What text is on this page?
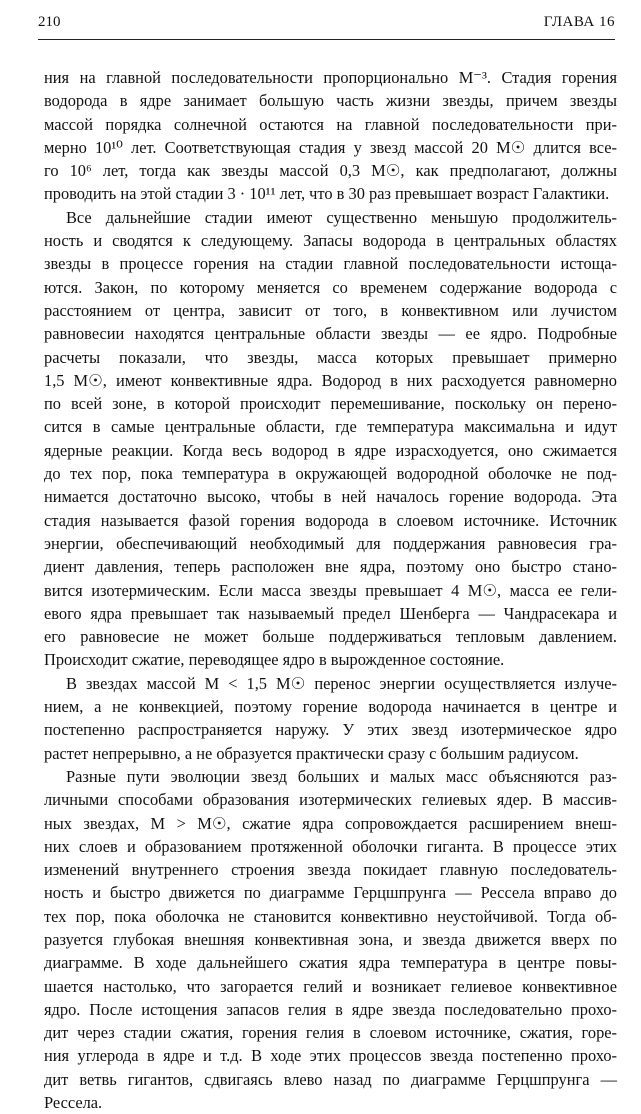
210	ГЛАВА 16
ния на главной последовательности пропорционально M⁻³. Стадия горения
водорода в ядре занимает большую часть жизни звезды, причем звезды
массой порядка солнечной остаются на главной последовательности при-
мерно 10¹⁰ лет. Соответствующая стадия у звезд массой 20 M☉ длится все-
го 10⁶ лет, тогда как звезды массой 0,3 M☉, как предполагают, должны
проводить на этой стадии 3 · 10¹¹ лет, что в 30 раз превышает возраст Галактики.
Все дальнейшие стадии имеют существенно меньшую продолжитель-
ность и сводятся к следующему. Запасы водорода в центральных областях
звезды в процессе горения на стадии главной последовательности истоща-
ются. Закон, по которому меняется со временем содержание водорода с
расстоянием от центра, зависит от того, в конвективном или лучистом
равновесии находятся центральные области звезды — ее ядро. Подробные
расчеты показали, что звезды, масса которых превышает примерно
1,5 M☉, имеют конвективные ядра. Водород в них расходуется равномерно
по всей зоне, в которой происходит перемешивание, поскольку он перено-
сится в самые центральные области, где температура максимальна и идут
ядерные реакции. Когда весь водород в ядре израсходуется, оно сжимается
до тех пор, пока температура в окружающей водородной оболочке не под-
нимается достаточно высоко, чтобы в ней началось горение водорода. Эта
стадия называется фазой горения водорода в слоевом источнике. Источник
энергии, обеспечивающий необходимый для поддержания равновесия гра-
диент давления, теперь расположен вне ядра, поэтому оно быстро стано-
вится изотермическим. Если масса звезды превышает 4 M☉, масса ее гели-
евого ядра превышает так называемый предел Шенберга — Чандрасекара и
его равновесие не может больше поддерживаться тепловым давлением.
Происходит сжатие, переводящее ядро в вырожденное состояние.
В звездах массой M < 1,5 M☉ перенос энергии осуществляется излуче-
нием, а не конвекцией, поэтому горение водорода начинается в центре и
постепенно распространяется наружу. У этих звезд изотермическое ядро
растет непрерывно, а не образуется практически сразу с большим радиусом.
Разные пути эволюции звезд больших и малых масс объясняются раз-
личными способами образования изотермических гелиевых ядер. В массив-
ных звездах, M > M☉, сжатие ядра сопровождается расширением внеш-
них слоев и образованием протяженной оболочки гиганта. В процессе этих
изменений внутреннего строения звезда покидает главную последователь-
ность и быстро движется по диаграмме Герцшпрунга — Рессела вправо до
тех пор, пока оболочка не становится конвективно неустойчивой. Тогда об-
разуется глубокая внешняя конвективная зона, и звезда движется вверх по
диаграмме. В ходе дальнейшего сжатия ядра температура в центре повы-
шается настолько, что загорается гелий и возникает гелиевое конвективное
ядро. После истощения запасов гелия в ядре звезда последовательно прохо-
дит через стадии сжатия, горения гелия в слоевом источнике, сжатия, горе-
ния углерода в ядре и т.д. В ходе этих процессов звезда постепенно прохо-
дит ветвь гигантов, сдвигаясь влево назад по диаграмме Герцшпрунга —
Рессела.
